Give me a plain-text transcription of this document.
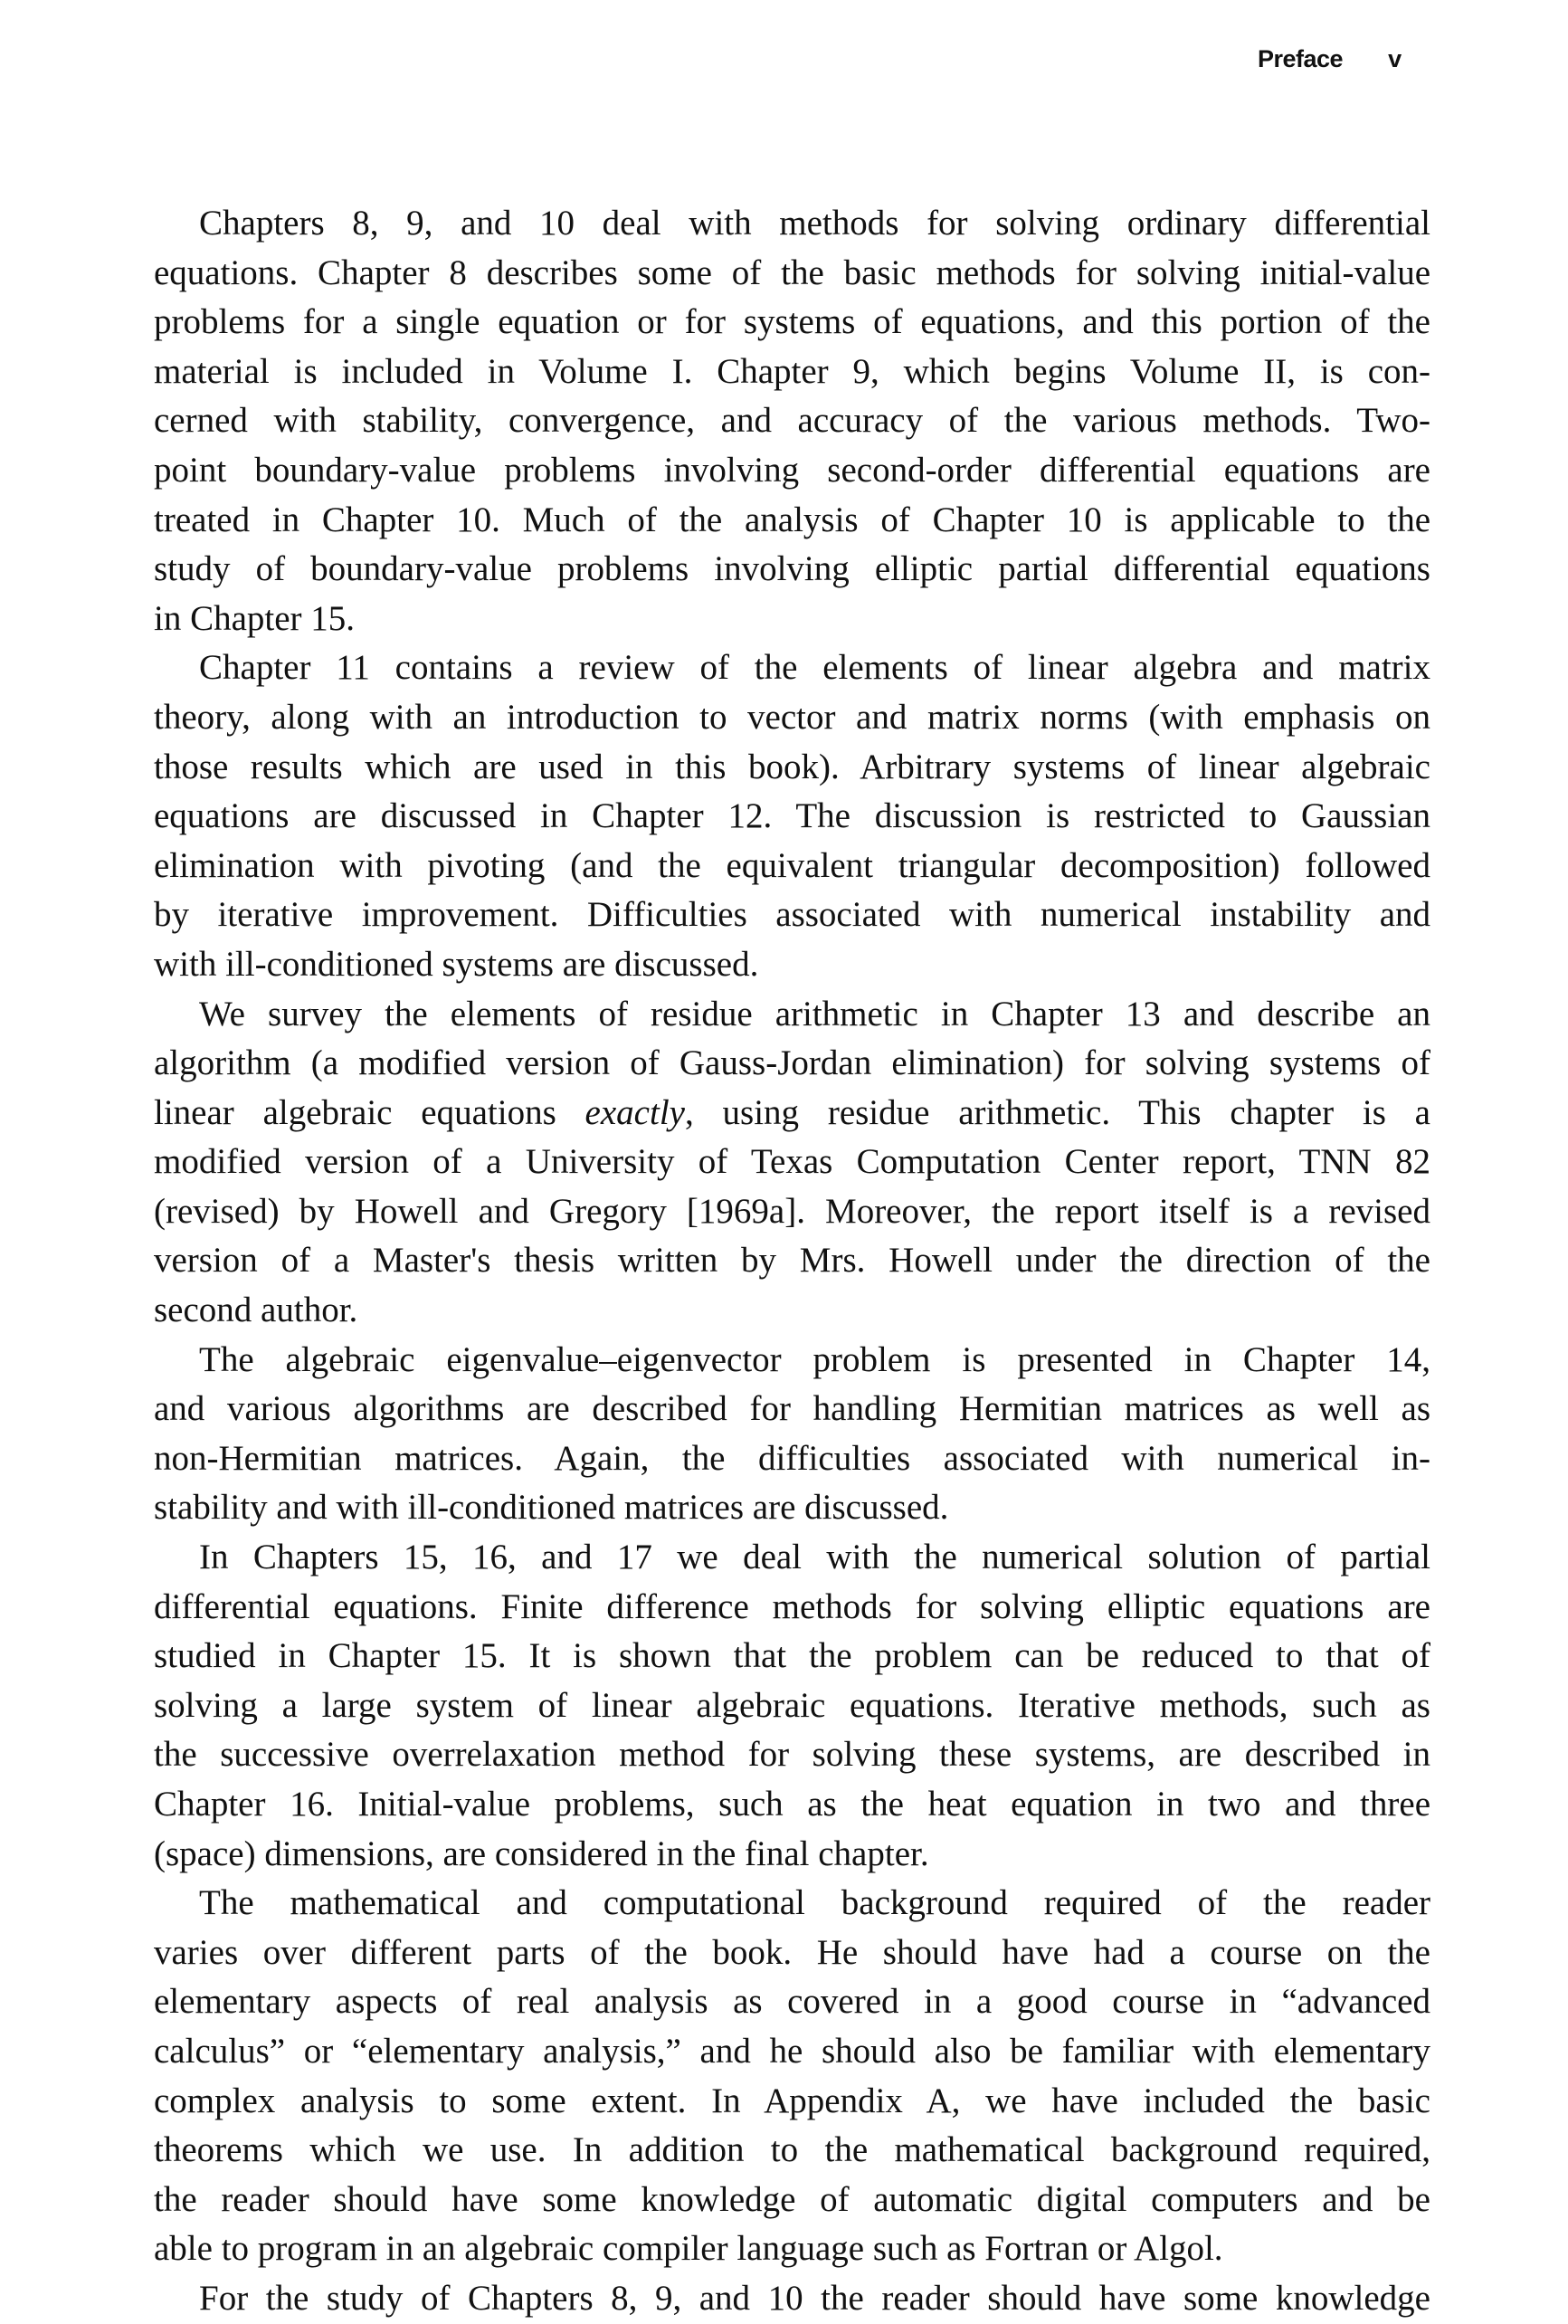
Preface v
Chapters 8, 9, and 10 deal with methods for solving ordinary differential
equations. Chapter 8 describes some of the basic methods for solving initial-value
problems for a single equation or for systems of equations, and this portion of the
material is included in Volume I. Chapter 9, which begins Volume II, is con-
cerned with stability, convergence, and accuracy of the various methods. Two-
point boundary-value problems involving second-order differential equations are
treated in Chapter 10. Much of the analysis of Chapter 10 is applicable to the
study of boundary-value problems involving elliptic partial differential equations
in Chapter 15.
Chapter 11 contains a review of the elements of linear algebra and matrix
theory, along with an introduction to vector and matrix norms (with emphasis on
those results which are used in this book). Arbitrary systems of linear algebraic
equations are discussed in Chapter 12. The discussion is restricted to Gaussian
elimination with pivoting (and the equivalent triangular decomposition) followed
by iterative improvement. Difficulties associated with numerical instability and
with ill-conditioned systems are discussed.
We survey the elements of residue arithmetic in Chapter 13 and describe an
algorithm (a modified version of Gauss-Jordan elimination) for solving systems of
linear algebraic equations exactly, using residue arithmetic. This chapter is a
modified version of a University of Texas Computation Center report, TNN 82
(revised) by Howell and Gregory [1969a]. Moreover, the report itself is a revised
version of a Master's thesis written by Mrs. Howell under the direction of the
second author.
The algebraic eigenvalue–eigenvector problem is presented in Chapter 14,
and various algorithms are described for handling Hermitian matrices as well as
non-Hermitian matrices. Again, the difficulties associated with numerical in-
stability and with ill-conditioned matrices are discussed.
In Chapters 15, 16, and 17 we deal with the numerical solution of partial
differential equations. Finite difference methods for solving elliptic equations are
studied in Chapter 15. It is shown that the problem can be reduced to that of
solving a large system of linear algebraic equations. Iterative methods, such as
the successive overrelaxation method for solving these systems, are described in
Chapter 16. Initial-value problems, such as the heat equation in two and three
(space) dimensions, are considered in the final chapter.
The mathematical and computational background required of the reader
varies over different parts of the book. He should have had a course on the
elementary aspects of real analysis as covered in a good course in “advanced
calculus” or “elementary analysis,” and he should also be familiar with elementary
complex analysis to some extent. In Appendix A, we have included the basic
theorems which we use. In addition to the mathematical background required,
the reader should have some knowledge of automatic digital computers and be
able to program in an algebraic compiler language such as Fortran or Algol.
For the study of Chapters 8, 9, and 10 the reader should have some knowledge
